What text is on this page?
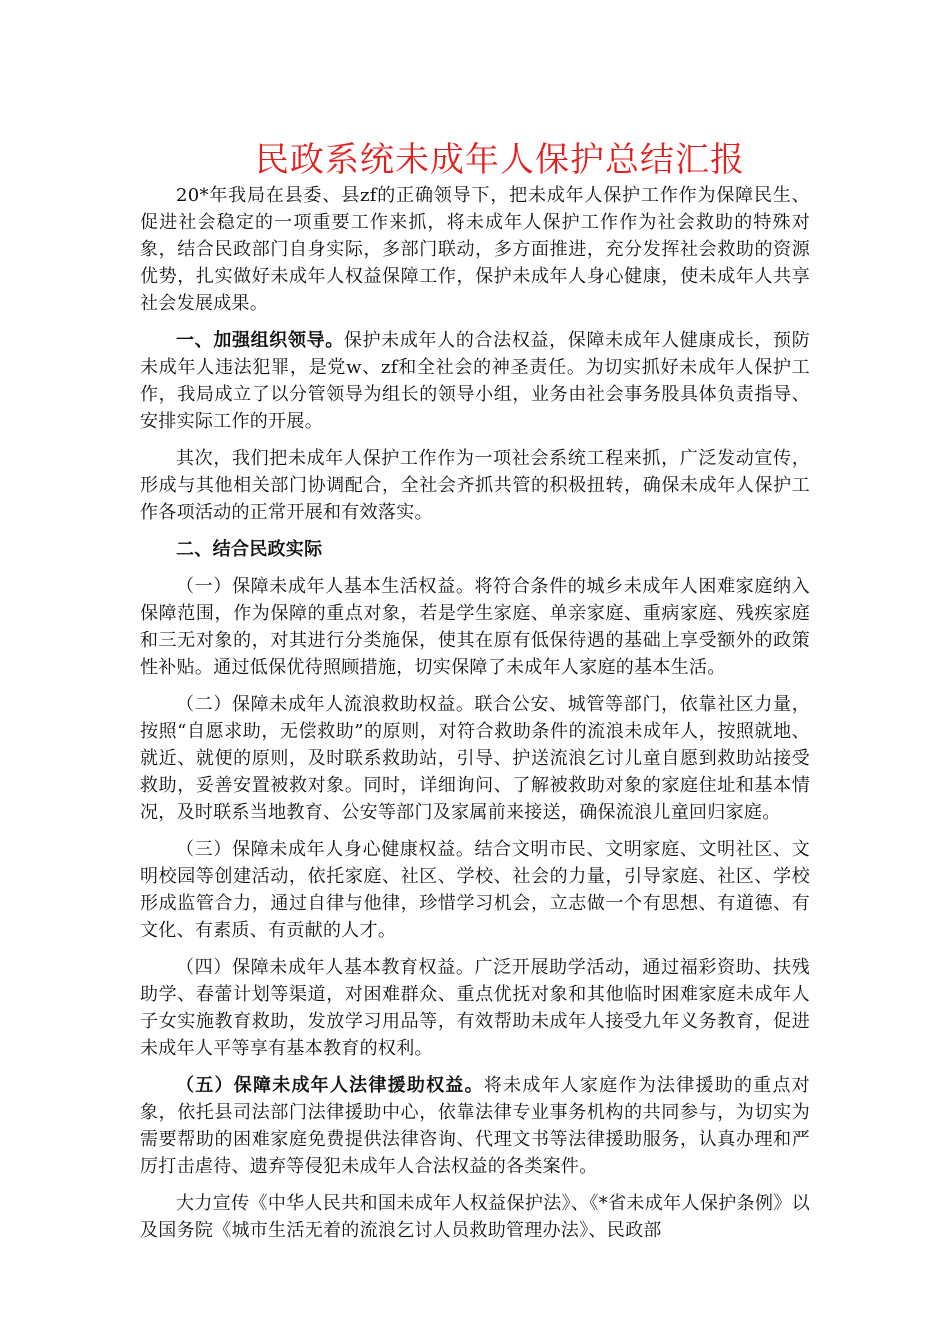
民政系统未成年人保护总结汇报

20*年我局在县委、县zf的正确领导下，把未成年人保护工作作为保障民生、促进社会稳定的一项重要工作来抓，将未成年人保护工作作为社会救助的特殊对象，结合民政部门自身实际，多部门联动，多方面推进，充分发挥社会救助的资源优势，扎实做好未成年人权益保障工作，保护未成年人身心健康，使未成年人共享社会发展成果。

一、加强组织领导。保护未成年人的合法权益，保障未成年人健康成长，预防未成年人违法犯罪，是党w、zf和全社会的神圣责任。为切实抓好未成年人保护工作，我局成立了以分管领导为组长的领导小组，业务由社会事务股具体负责指导、安排实际工作的开展。

其次，我们把未成年人保护工作作为一项社会系统工程来抓，广泛发动宣传，形成与其他相关部门协调配合，全社会齐抓共管的积极扭转，确保未成年人保护工作各项活动的正常开展和有效落实。

二、结合民政实际

（一）保障未成年人基本生活权益。将符合条件的城乡未成年人困难家庭纳入保障范围，作为保障的重点对象，若是学生家庭、单亲家庭、重病家庭、残疾家庭和三无对象的，对其进行分类施保，使其在原有低保待遇的基础上享受额外的政策性补贴。通过低保优待照顾措施，切实保障了未成年人家庭的基本生活。

（二）保障未成年人流浪救助权益。联合公安、城管等部门，依靠社区力量，按照“自愿求助，无偿救助”的原则，对符合救助条件的流浪未成年人，按照就地、就近、就便的原则，及时联系救助站，引导、护送流浪乞讨儿童自愿到救助站接受救助，妥善安置被救对象。同时，详细询问、了解被救助对象的家庭住址和基本情况，及时联系当地教育、公安等部门及家属前来接送，确保流浪儿童回归家庭。

（三）保障未成年人身心健康权益。结合文明市民、文明家庭、文明社区、文明校园等创建活动，依托家庭、社区、学校、社会的力量，引导家庭、社区、学校形成监管合力，通过自律与他律，珍惜学习机会，立志做一个有思想、有道德、有文化、有素质、有贡献的人才。

（四）保障未成年人基本教育权益。广泛开展助学活动，通过福彩资助、扶残助学、春蕾计划等渠道，对困难群众、重点优抚对象和其他临时困难家庭未成年人子女实施教育救助，发放学习用品等，有效帮助未成年人接受九年义务教育，促进未成年人平等享有基本教育的权利。

（五）保障未成年人法律援助权益。将未成年人家庭作为法律援助的重点对象，依托县司法部门法律援助中心，依靠法律专业事务机构的共同参与，为切实为需要帮助的困难家庭免费提供法律咨询、代理文书等法律援助服务，认真办理和严厉打击虐待、遗弃等侵犯未成年人合法权益的各类案件。

大力宣传《中华人民共和国未成年人权益保护法》、《*省未成年人保护条例》以及国务院《城市生活无着的流浪乞讨人员救助管理办法》、民政部
